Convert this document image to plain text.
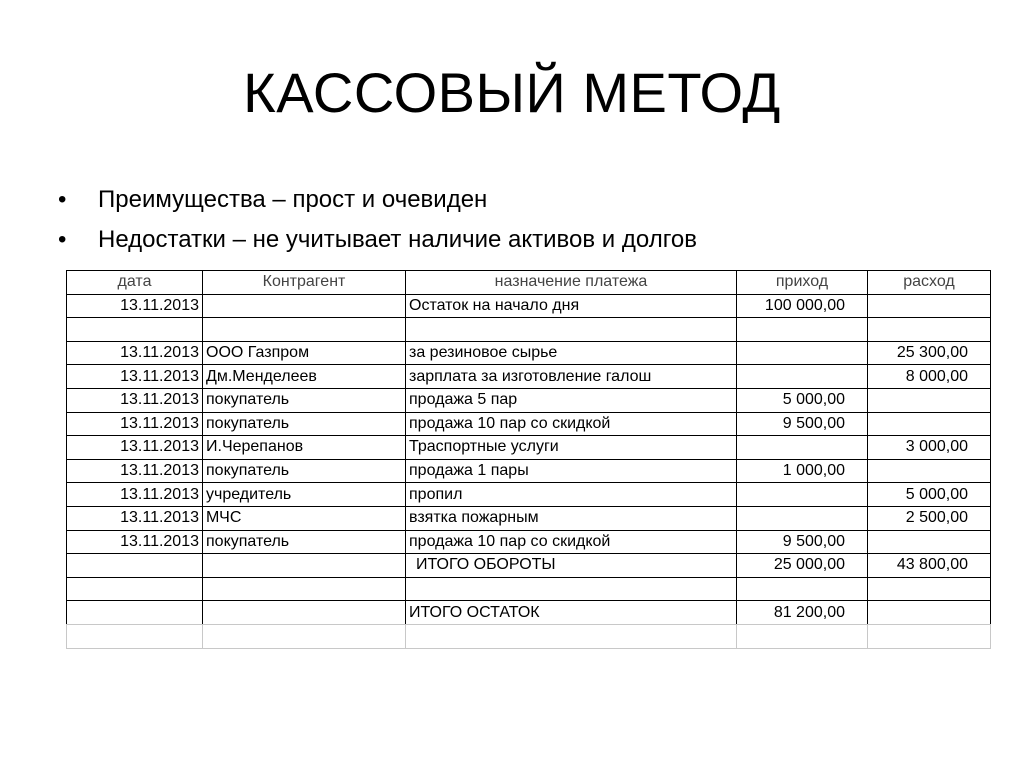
КАССОВЫЙ МЕТОД
•	Преимущества – прост и очевиден
•	Недостатки – не учитывает наличие активов и долгов
дата	Контрагент	назначение платежа	приход	расход
13.11.2013		Остаток на начало дня	100 000,00	

13.11.2013	ООО Газпром	за резиновое сырье		25 300,00
13.11.2013	Дм.Менделеев	зарплата за изготовление галош		8 000,00
13.11.2013	покупатель	продажа 5 пар	5 000,00	
13.11.2013	покупатель	продажа 10 пар со скидкой	9 500,00	
13.11.2013	И.Черепанов	Траспортные услуги		3 000,00
13.11.2013	покупатель	продажа 1 пары	1 000,00	
13.11.2013	учредитель	пропил		5 000,00
13.11.2013	МЧС	взятка пожарным		2 500,00
13.11.2013	покупатель	продажа 10 пар со скидкой	9 500,00	
		ИТОГО ОБОРОТЫ	25 000,00	43 800,00

		ИТОГО ОСТАТОК	81 200,00	
